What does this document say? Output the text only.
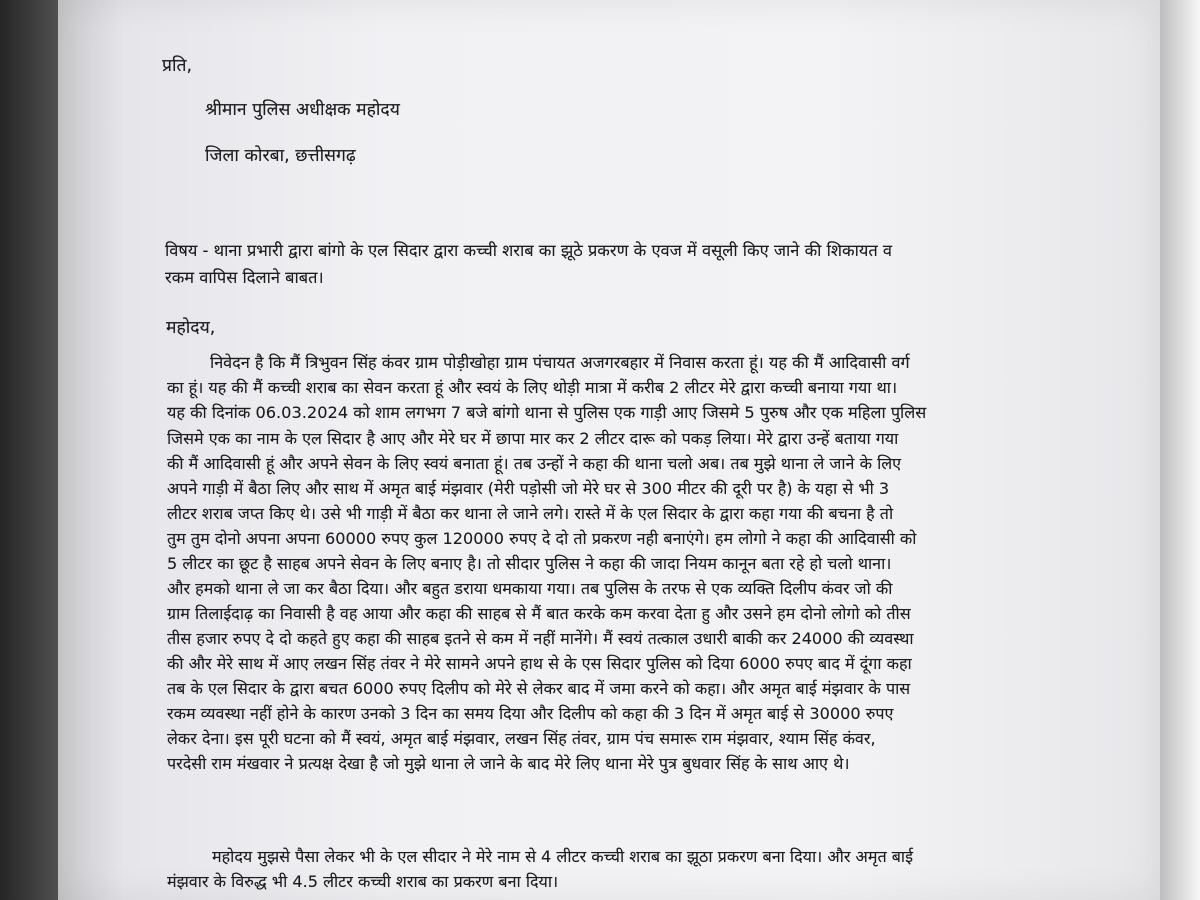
प्रति,
श्रीमान पुलिस अधीक्षक महोदय
जिला कोरबा, छत्तीसगढ़
विषय - थाना प्रभारी द्वारा बांगो के एल सिदार द्वारा कच्ची शराब का झूठे प्रकरण के एवज में वसूली किए जाने की शिकायत व
रकम वापिस दिलाने बाबत।
महोदय,
निवेदन है कि मैं त्रिभुवन सिंह कंवर ग्राम पोड़ीखोहा ग्राम पंचायत अजगरबहार में निवास करता हूं। यह की मैं आदिवासी वर्ग
का हूं। यह की मैं कच्ची शराब का सेवन करता हूं और स्वयं के लिए थोड़ी मात्रा में करीब 2 लीटर मेरे द्वारा कच्ची बनाया गया था।
यह की दिनांक 06.03.2024 को शाम लगभग 7 बजे बांगो थाना से पुलिस एक गाड़ी आए जिसमे 5 पुरुष और एक महिला पुलिस
जिसमे एक का नाम के एल सिदार है आए और मेरे घर में छापा मार कर 2 लीटर दारू को पकड़ लिया। मेरे द्वारा उन्हें बताया गया
की मैं आदिवासी हूं और अपने सेवन के लिए स्वयं बनाता हूं। तब उन्हों ने कहा की थाना चलो अब। तब मुझे थाना ले जाने के लिए
अपने गाड़ी में बैठा लिए और साथ में अमृत बाई मंझवार (मेरी पड़ोसी जो मेरे घर से 300 मीटर की दूरी पर है) के यहा से भी 3
लीटर शराब जप्त किए थे। उसे भी गाड़ी में बैठा कर थाना ले जाने लगे। रास्ते में के एल सिदार के द्वारा कहा गया की बचना है तो
तुम तुम दोनो अपना अपना 60000 रुपए कुल 120000 रुपए दे दो तो प्रकरण नही बनाएंगे। हम लोगो ने कहा की आदिवासी को
5 लीटर का छूट है साहब अपने सेवन के लिए बनाए है। तो सीदार पुलिस ने कहा की जादा नियम कानून बता रहे हो चलो थाना।
और हमको थाना ले जा कर बैठा दिया। और बहुत डराया धमकाया गया। तब पुलिस के तरफ से एक व्यक्ति दिलीप कंवर जो की
ग्राम तिलाईदाढ़ का निवासी है वह आया और कहा की साहब से मैं बात करके कम करवा देता हु और उसने हम दोनो लोगो को तीस
तीस हजार रुपए दे दो कहते हुए कहा की साहब इतने से कम में नहीं मानेंगे। मैं स्वयं तत्काल उधारी बाकी कर 24000 की व्यवस्था
की और मेरे साथ में आए लखन सिंह तंवर ने मेरे सामने अपने हाथ से के एस सिदार पुलिस को दिया 6000 रुपए बाद में दूंगा कहा
तब के एल सिदार के द्वारा बचत 6000 रुपए दिलीप को मेरे से लेकर बाद में जमा करने को कहा। और अमृत बाई मंझवार के पास
रकम व्यवस्था नहीं होने के कारण उनको 3 दिन का समय दिया और दिलीप को कहा की 3 दिन में अमृत बाई से 30000 रुपए
लेकर देना। इस पूरी घटना को मैं स्वयं, अमृत बाई मंझवार, लखन सिंह तंवर, ग्राम पंच समारू राम मंझवार, श्याम सिंह कंवर,
परदेसी राम मंखवार ने प्रत्यक्ष देखा है जो मुझे थाना ले जाने के बाद मेरे लिए थाना मेरे पुत्र बुधवार सिंह के साथ आए थे।
महोदय मुझसे पैसा लेकर भी के एल सीदार ने मेरे नाम से 4 लीटर कच्ची शराब का झूठा प्रकरण बना दिया। और अमृत बाई
मंझवार के विरुद्ध भी 4.5 लीटर कच्ची शराब का प्रकरण बना दिया।
